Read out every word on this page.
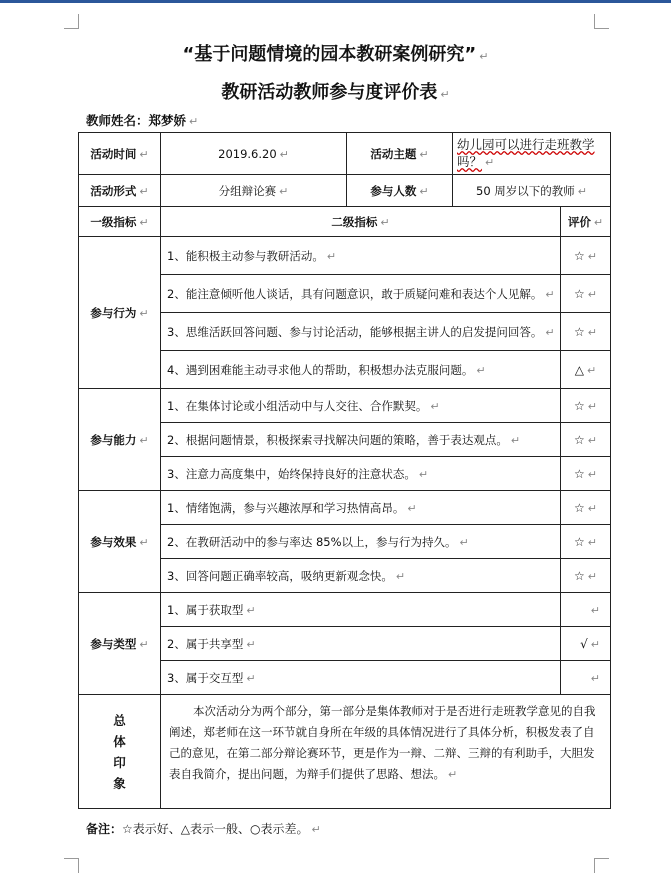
“基于问题情境的园本教研案例研究” ↵
教研活动教师参与度评价表 ↵
教师姓名：郑梦娇 ↵
活动时间 ↵	2019.6.20 ↵	活动主题 ↵	幼儿园可以进行走班教学吗？ ↵	
活动形式 ↵	分组辩论赛 ↵	参与人数 ↵	50 周岁以下的教师 ↵	
一级指标 ↵	二级指标 ↵			评价 ↵
参与行为 ↵	1、能积极主动参与教研活动。 ↵			☆ ↵
	2、能注意倾听他人谈话，具有问题意识，敢于质疑问难和表达个人见解。 ↵			☆ ↵
	3、思维活跃回答问题、参与讨论活动，能够根据主讲人的启发提问回答。 ↵			☆ ↵
	4、遇到困难能主动寻求他人的帮助，积极想办法克服问题。 ↵			△ ↵
参与能力 ↵	1、在集体讨论或小组活动中与人交往、合作默契。 ↵			☆ ↵
	2、根据问题情景，积极探索寻找解决问题的策略，善于表达观点。 ↵			☆ ↵
	3、注意力高度集中，始终保持良好的注意状态。 ↵			☆ ↵
参与效果 ↵	1、情绪饱满，参与兴趣浓厚和学习热情高昂。 ↵			☆ ↵
	2、在教研活动中的参与率达 85%以上，参与行为持久。 ↵			☆ ↵
	3、回答问题正确率较高，吸纳更新观念快。 ↵			☆ ↵
参与类型 ↵	1、属于获取型 ↵			↵
	2、属于共享型 ↵			√ ↵
	3、属于交互型 ↵			↵

总
体
印
象	本次活动分为两个部分，第一部分是集体教师对于是否进行走班教学意见的自我阐述，郑老师在这一环节就自身所在年级的具体情况进行了具体分析，积极发表了自己的意见，在第二部分辩论赛环节，更是作为一辩、二辩、三辩的有利助手，大胆发表自我简介，提出问题，为辩手们提供了思路、想法。 ↵			
备注：☆表示好、△表示一般、○表示差。 ↵
